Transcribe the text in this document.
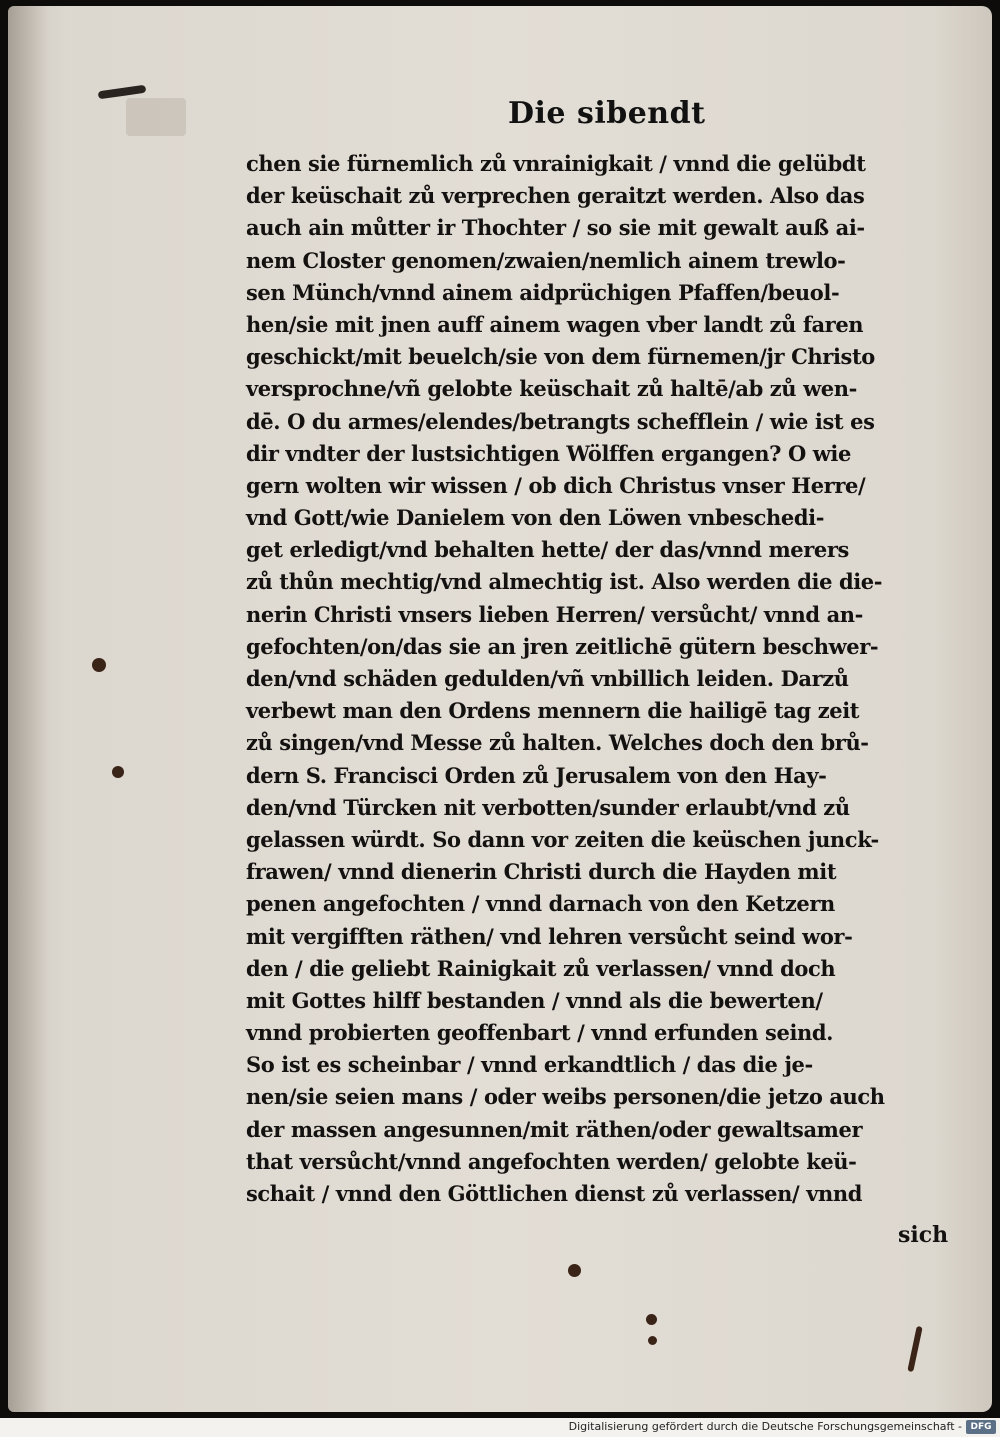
Die sibendt
chen sie fürnemlich zů vnrainigkait / vnnd die gelübdt
der keüschait zů verprechen geraitzt werden. Also das
auch ain můtter ir Thochter / so sie mit gewalt auß ai-
nem Closter genomen/zwaien/nemlich ainem trewlo-
sen Münch/vnnd ainem aidprüchigen Pfaffen/beuol-
hen/sie mit jnen auff ainem wagen vber landt zů faren
geschickt/mit beuelch/sie von dem fürnemen/jr Christo
versprochne/vñ gelobte keüschait zů haltē/ab zů wen-
dē. O du armes/elendes/betrangts schefflein / wie ist es
dir vndter der lustsichtigen Wölffen ergangen? O wie
gern wolten wir wissen / ob dich Christus vnser Herre/
vnd Gott/wie Danielem von den Löwen vnbeschedi-
get erledigt/vnd behalten hette/ der das/vnnd merers
zů thůn mechtig/vnd almechtig ist. Also werden die die-
nerin Christi vnsers lieben Herren/ versůcht/ vnnd an-
gefochten/on/das sie an jren zeitlichē gütern beschwer-
den/vnd schäden gedulden/vñ vnbillich leiden. Darzů
verbewt man den Ordens mennern die hailigē tag zeit
zů singen/vnd Messe zů halten. Welches doch den brů-
dern S. Francisci Orden zů Jerusalem von den Hay-
den/vnd Türcken nit verbotten/sunder erlaubt/vnd zů
gelassen würdt. So dann vor zeiten die keüschen junck-
frawen/ vnnd dienerin Christi durch die Hayden mit
penen angefochten / vnnd darnach von den Ketzern
mit vergifften räthen/ vnd lehren versůcht seind wor-
den / die geliebt Rainigkait zů verlassen/ vnnd doch
mit Gottes hilff bestanden / vnnd als die bewerten/
vnnd probierten geoffenbart / vnnd erfunden seind.
So ist es scheinbar / vnnd erkandtlich / das die je-
nen/sie seien mans / oder weibs personen/die jetzo auch
der massen angesunnen/mit räthen/oder gewaltsamer
that versůcht/vnnd angefochten werden/ gelobte keü-
schait / vnnd den Göttlichen dienst zů verlassen/ vnnd
sich
Digitalisierung gefördert durch die Deutsche Forschungsgemeinschaft - DFG
